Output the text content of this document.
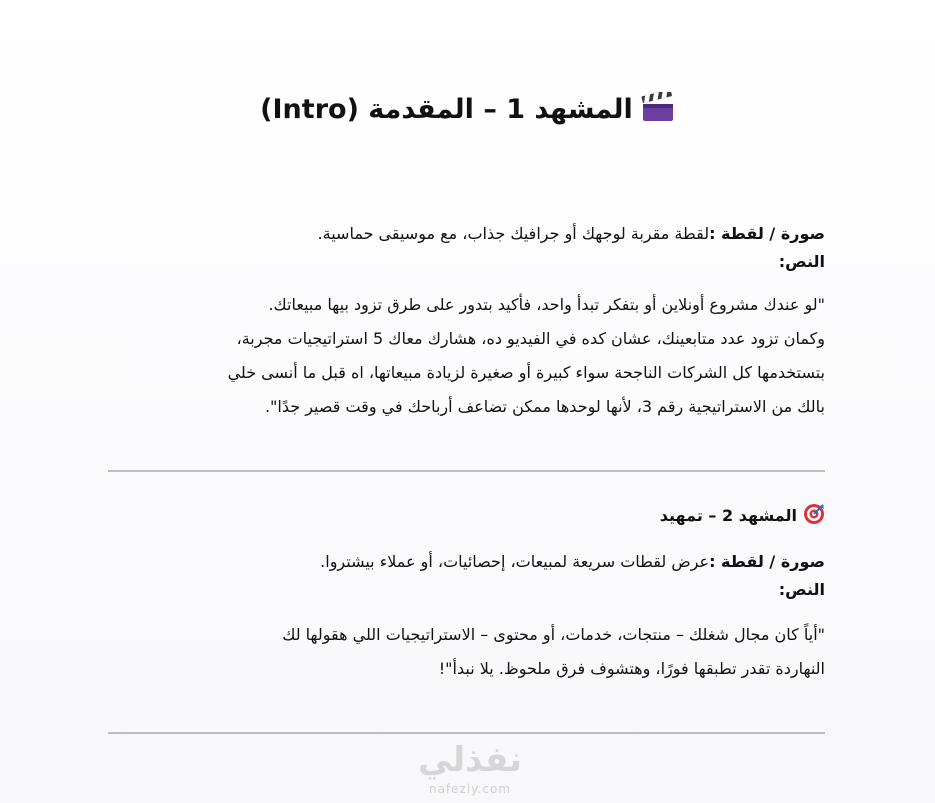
المشهد 1 – المقدمة (Intro)
صورة / لقطة :لقطة مقربة لوجهك أو جرافيك جذاب، مع موسيقى حماسية.
النص:
"لو عندك مشروع أونلاين أو بتفكر تبدأ واحد، فأكيد بتدور على طرق تزود بيها مبيعاتك.
وكمان تزود عدد متابعينك، عشان كده في الفيديو ده، هشارك معاك 5 استراتيجيات مجربة،
بتستخدمها كل الشركات الناجحة سواء كبيرة أو صغيرة لزيادة مبيعاتها، اه قبل ما أنسى خلي
بالك من الاستراتيجية رقم 3، لأنها لوحدها ممكن تضاعف أرباحك في وقت قصير جدًا".
المشهد 2 – تمهيد
صورة / لقطة :عرض لقطات سريعة لمبيعات، إحصائيات، أو عملاء بيشتروا.
النص:
"أياً كان مجال شغلك – منتجات، خدمات، أو محتوى – الاستراتيجيات اللي هقولها لك
النهاردة تقدر تطبقها فورًا، وهتشوف فرق ملحوظ. يلا نبدأ"!
نفذلي
nafezly.com
